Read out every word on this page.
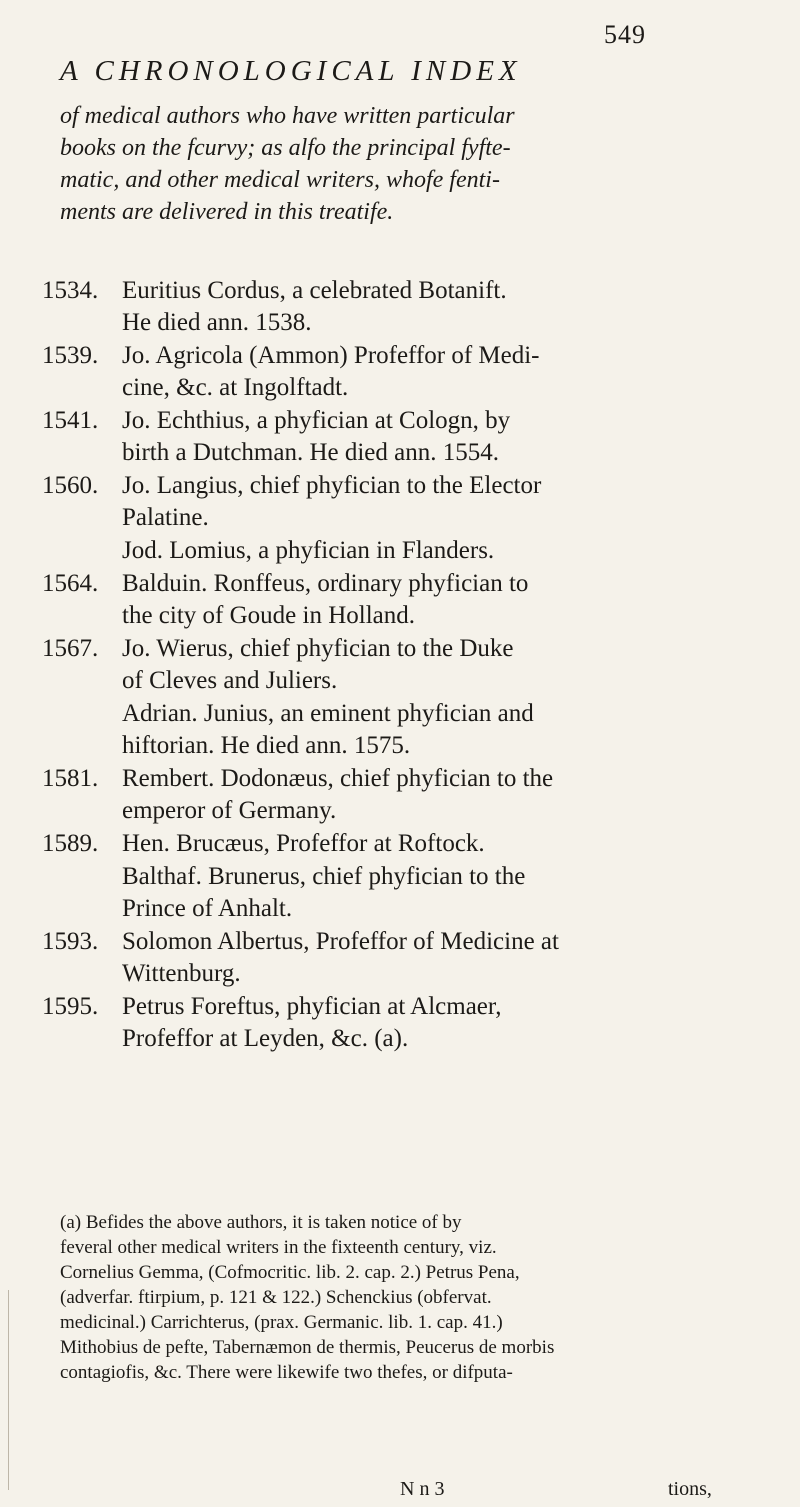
549
A CHRONOLOGICAL INDEX
of medical authors who have written particular
books on the fcurvy; as alfo the principal fyfte-
matic, and other medical writers, whofe fenti-
ments are delivered in this treatife.
1534. Euritius Cordus, a celebrated Botanift.
He died ann. 1538.
1539. Jo. Agricola (Ammon) Profeffor of Medi-
cine, &c. at Ingolftadt.
1541. Jo. Echthius, a phyfician at Cologn, by
birth a Dutchman. He died ann. 1554.
1560. Jo. Langius, chief phyfician to the Elector
Palatine.
Jod. Lomius, a phyfician in Flanders.
1564. Balduin. Ronffeus, ordinary phyfician to
the city of Goude in Holland.
1567. Jo. Wierus, chief phyfician to the Duke
of Cleves and Juliers.
Adrian. Junius, an eminent phyfician and
hiftorian. He died ann. 1575.
1581. Rembert. Dodonæus, chief phyfician to the
emperor of Germany.
1589. Hen. Brucæus, Profeffor at Roftock.
Balthaf. Brunerus, chief phyfician to the
Prince of Anhalt.
1593. Solomon Albertus, Profeffor of Medicine at
Wittenburg.
1595. Petrus Foreftus, phyfician at Alcmaer,
Profeffor at Leyden, &c. (a).
(a) Befides the above authors, it is taken notice of by
feveral other medical writers in the fixteenth century, viz.
Cornelius Gemma, (Cofmocritic. lib. 2. cap. 2.) Petrus Pena,
(adverfar. ftirpium, p. 121 & 122.) Schenckius (obfervat.
medicinal.) Carrichterus, (prax. Germanic. lib. 1. cap. 41.)
Mithobius de pefte, Tabernæmon de thermis, Peucerus de morbis
contagiofis, &c. There were likewife two thefes, or difputa-
N n 3	tions,
